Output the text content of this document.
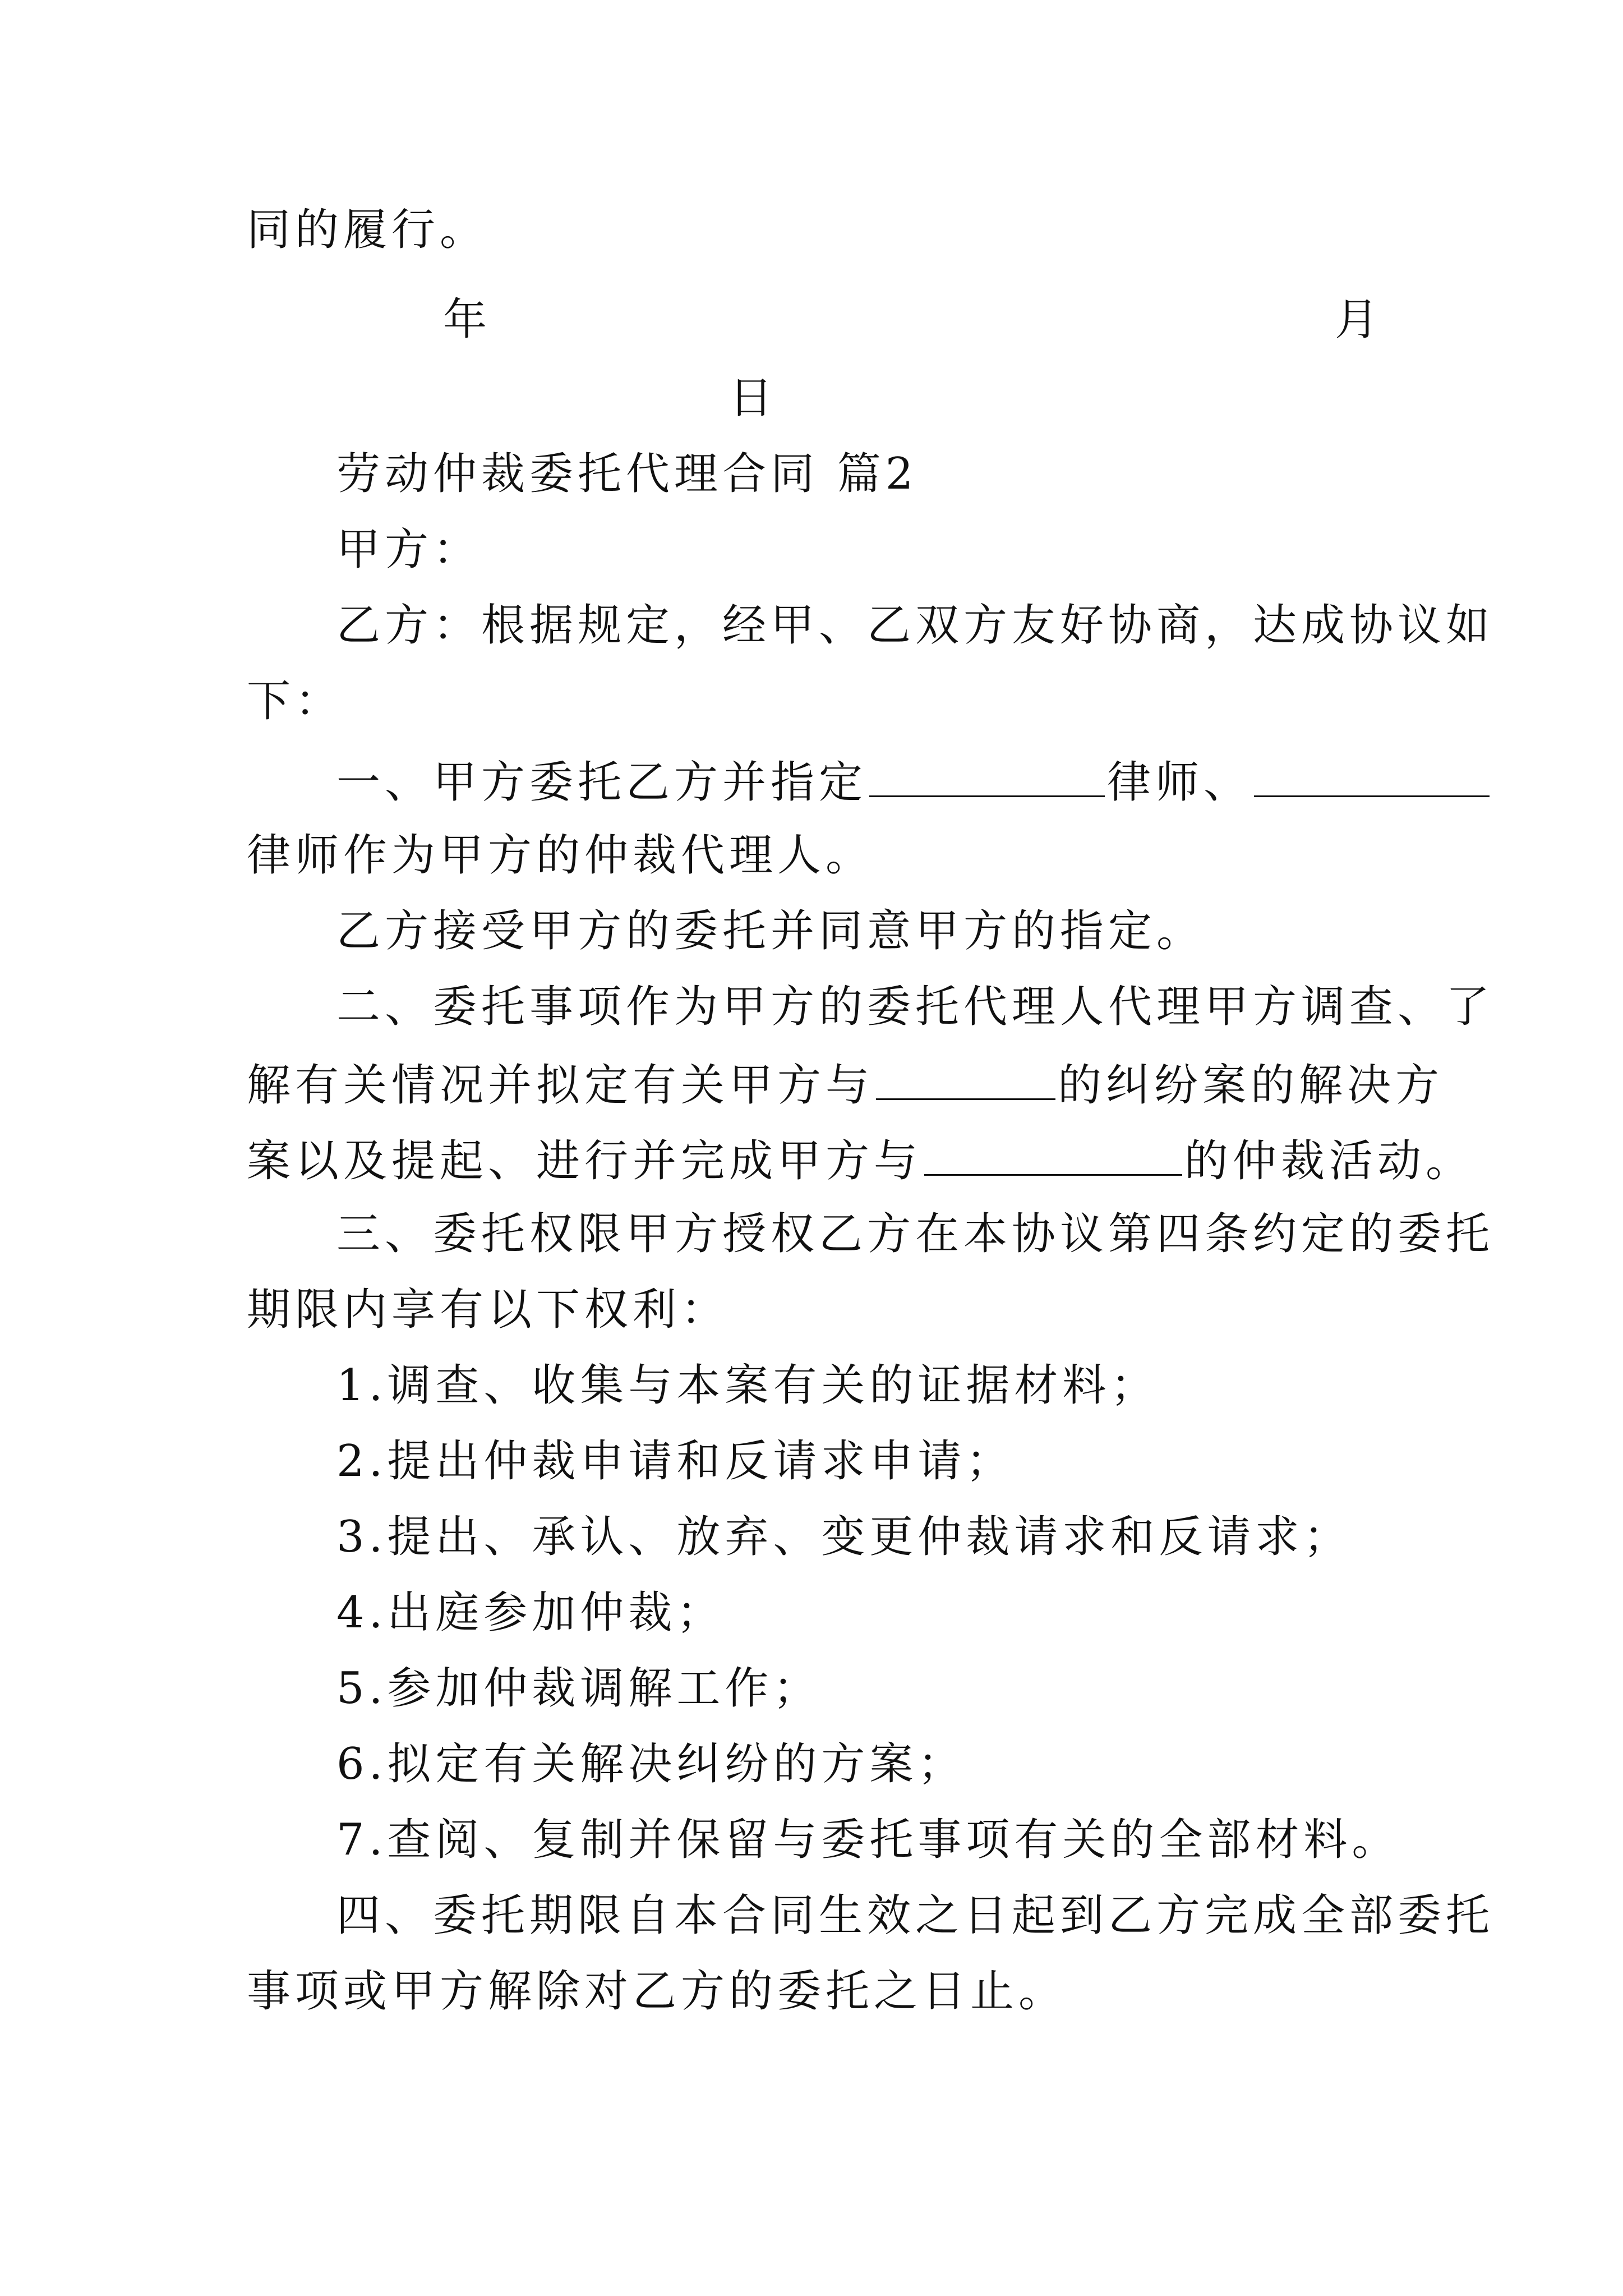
同的履行。
年	月
日
劳动仲裁委托代理合同 篇2
甲方：
乙方：根据规定，经甲、乙双方友好协商，达成协议如
下：
一、甲方委托乙方并指定	律师、
律师作为甲方的仲裁代理人。
乙方接受甲方的委托并同意甲方的指定。
二、委托事项作为甲方的委托代理人代理甲方调查、了
解有关情况并拟定有关甲方与	的纠纷案的解决方
案以及提起、进行并完成甲方与	的仲裁活动。
三、委托权限甲方授权乙方在本协议第四条约定的委托
期限内享有以下权利：
1.调查、收集与本案有关的证据材料；
2.提出仲裁申请和反请求申请；
3.提出、承认、放弃、变更仲裁请求和反请求；
4.出庭参加仲裁；
5.参加仲裁调解工作；
6.拟定有关解决纠纷的方案；
7.查阅、复制并保留与委托事项有关的全部材料。
四、委托期限自本合同生效之日起到乙方完成全部委托
事项或甲方解除对乙方的委托之日止。
